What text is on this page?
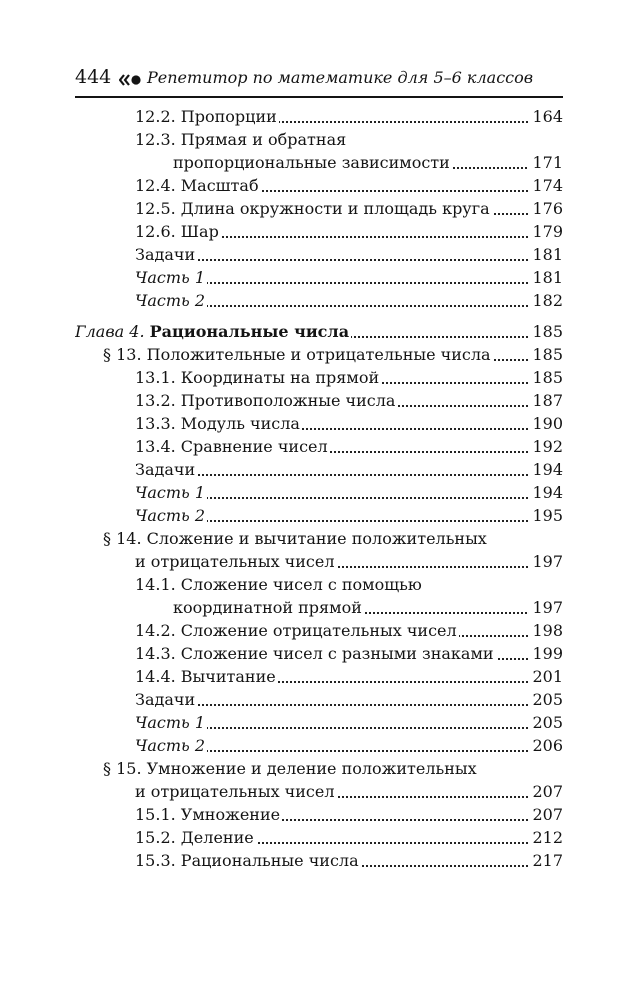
444 Репетитор по математике для 5–6 классов
12.2. Пропорции	164
12.3. Прямая и обратная
пропорциональные зависимости	171
12.4. Масштаб	174
12.5. Длина окружности и площадь круга	176
12.6. Шар	179
Задачи	181
Часть 1	181
Часть 2	182
Глава 4. Рациональные числа	185
§ 13. Положительные и отрицательные числа	185
13.1. Координаты на прямой	185
13.2. Противоположные числа	187
13.3. Модуль числа	190
13.4. Сравнение чисел	192
Задачи	194
Часть 1	194
Часть 2	195
§ 14. Сложение и вычитание положительных
и отрицательных чисел	197
14.1. Сложение чисел с помощью
координатной прямой	197
14.2. Сложение отрицательных чисел	198
14.3. Сложение чисел с разными знаками 199
14.4. Вычитание	201
Задачи	205
Часть 1	205
Часть 2	206
§ 15. Умножение и деление положительных
и отрицательных чисел	207
15.1. Умножение	207
15.2. Деление	212
15.3. Рациональные числа	217
